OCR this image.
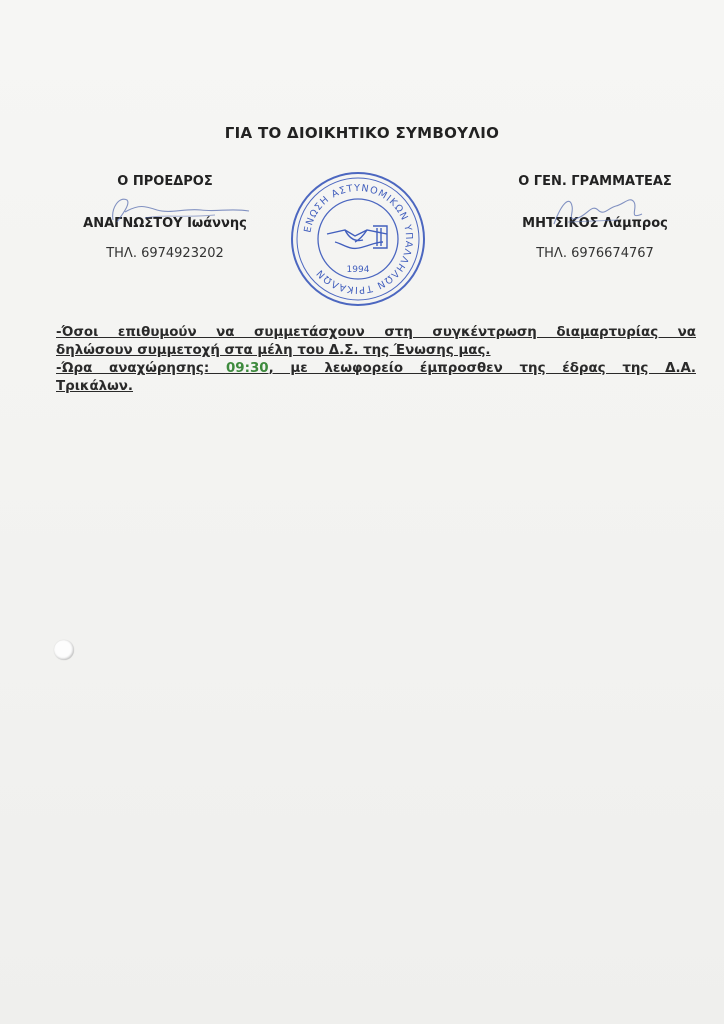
ΓΙΑ ΤΟ ΔΙΟΙΚΗΤΙΚΟ ΣΥΜΒΟΥΛΙΟ
Ο ΠΡΟΕΔΡΟΣ
ΑΝΑΓΝΩΣΤΟΥ Ιωάννης
ΤΗΛ. 6974923202
Ο ΓΕΝ. ΓΡΑΜΜΑΤΕΑΣ
ΜΗΤΣΙΚΟΣ Λάμπρος
ΤΗΛ. 6976674767
ΕΝΩΣΗ ΑΣΤΥΝΟΜΙΚΩΝ ΥΠΑΛΛΗΛΩΝ ΤΡΙΚΑΛΩΝ	1994

-Όσοι επιθυμούν να συμμετάσχουν στη συγκέντρωση διαμαρτυρίας να

δηλώσουν συμμετοχή στα μέλη του Δ.Σ. της Ένωσης μας.

-Ώρα αναχώρησης: 09:30, με λεωφορείο έμπροσθεν της έδρας της Δ.Α.

Τρικάλων.
